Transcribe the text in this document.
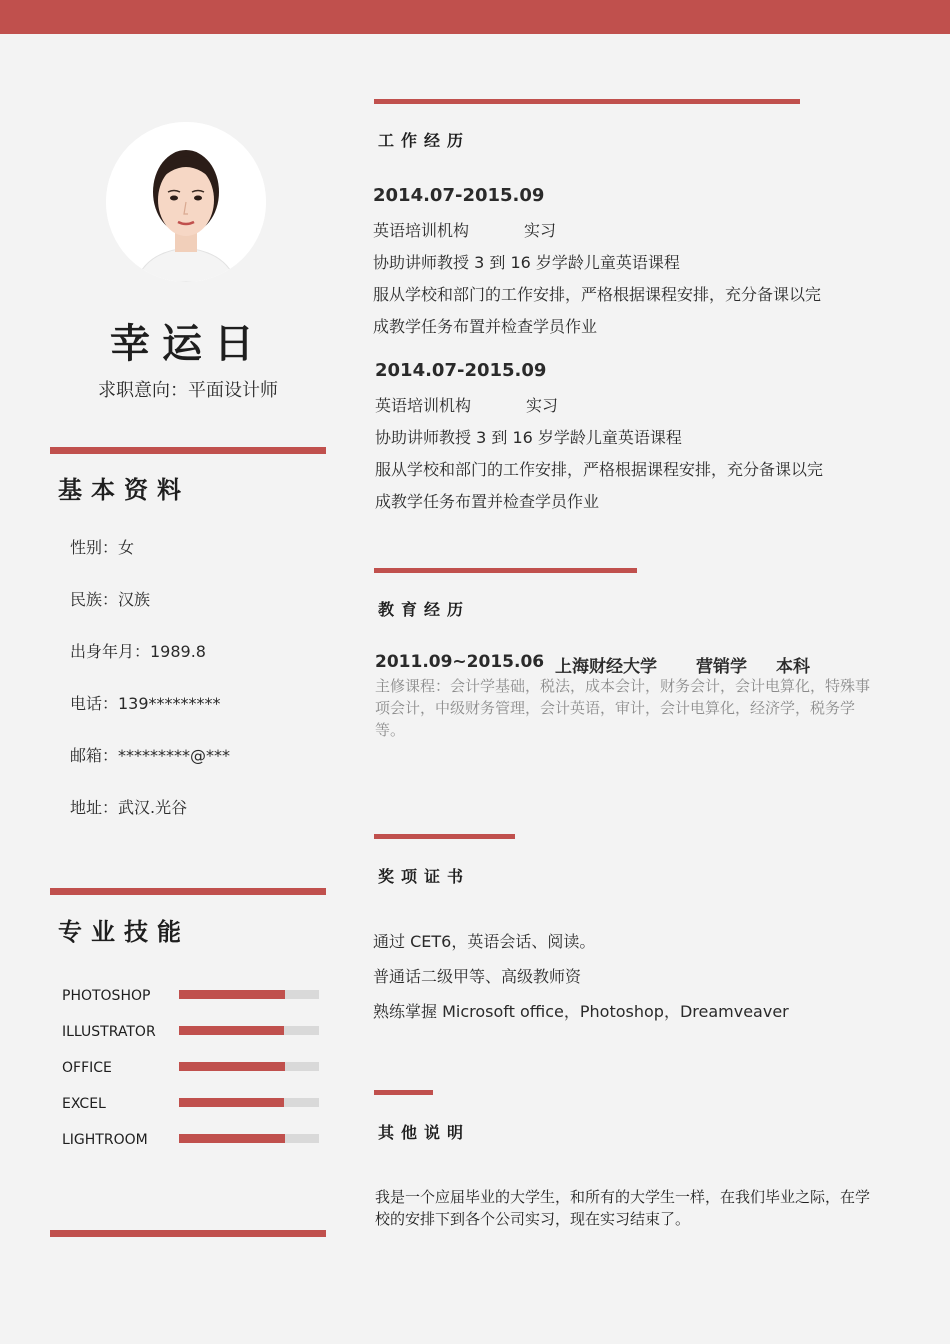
幸运日
求职意向：平面设计师
基本资料
性别：女
民族：汉族
出身年月：1989.8
电话：139*********
邮箱：*********@***
地址：武汉.光谷
专业技能
PHOTOSHOP
ILLUSTRATOR
OFFICE
EXCEL
LIGHTROOM
工作经历
2014.07-2015.09
英语培训机构	实习
协助讲师教授 3 到 16 岁学龄儿童英语课程
服从学校和部门的工作安排，严格根据课程安排，充分备课以完
成教学任务布置并检查学员作业
2014.07-2015.09
英语培训机构	实习
协助讲师教授 3 到 16 岁学龄儿童英语课程
服从学校和部门的工作安排，严格根据课程安排，充分备课以完
成教学任务布置并检查学员作业
教育经历
2011.09~2015.06 上海财经大学 营销学 本科
主修课程：会计学基础，税法，成本会计，财务会计，会计电算化，特殊事项会计，中级财务管理，会计英语，审计，会计电算化，经济学，税务学等。
奖项证书
通过 CET6，英语会话、阅读。
普通话二级甲等、高级教师资
熟练掌握 Microsoft office，Photoshop，Dreamveaver
其他说明
我是一个应届毕业的大学生，和所有的大学生一样，在我们毕业之际，在学校的安排下到各个公司实习，现在实习结束了。
